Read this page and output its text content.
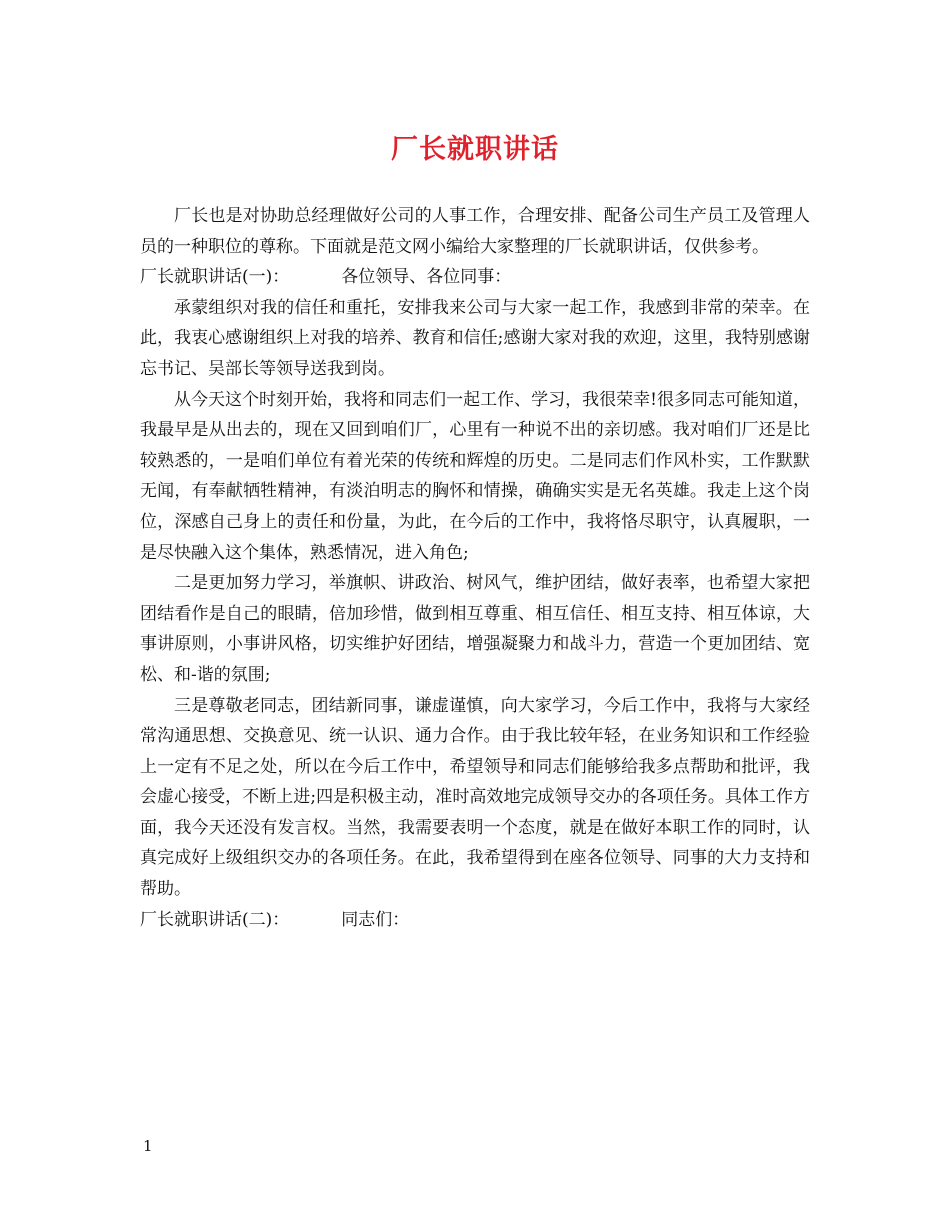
厂长就职讲话

厂长也是对协助总经理做好公司的人事工作，合理安排、配备公司生产员工及管理人员的一种职位的尊称。下面就是范文网小编给大家整理的厂长就职讲话，仅供参考。

厂长就职讲话(一)：	各位领导、各位同事：

承蒙组织对我的信任和重托，安排我来公司与大家一起工作，我感到非常的荣幸。在此，我衷心感谢组织上对我的培养、教育和信任;感谢大家对我的欢迎，这里，我特别感谢忘书记、吴部长等领导送我到岗。

从今天这个时刻开始，我将和同志们一起工作、学习，我很荣幸!很多同志可能知道，我最早是从出去的，现在又回到咱们厂，心里有一种说不出的亲切感。我对咱们厂还是比较熟悉的，一是咱们单位有着光荣的传统和辉煌的历史。二是同志们作风朴实，工作默默无闻，有奉献牺牲精神，有淡泊明志的胸怀和情操，确确实实是无名英雄。我走上这个岗位，深感自己身上的责任和份量，为此，在今后的工作中，我将恪尽职守，认真履职，一是尽快融入这个集体，熟悉情况，进入角色;

二是更加努力学习，举旗帜、讲政治、树风气，维护团结，做好表率，也希望大家把团结看作是自己的眼睛，倍加珍惜，做到相互尊重、相互信任、相互支持、相互体谅，大事讲原则，小事讲风格，切实维护好团结，增强凝聚力和战斗力，营造一个更加团结、宽松、和-谐的氛围;

三是尊敬老同志，团结新同事，谦虚谨慎，向大家学习，今后工作中，我将与大家经常沟通思想、交换意见、统一认识、通力合作。由于我比较年轻，在业务知识和工作经验上一定有不足之处，所以在今后工作中，希望领导和同志们能够给我多点帮助和批评，我会虚心接受，不断上进;四是积极主动，准时高效地完成领导交办的各项任务。具体工作方面，我今天还没有发言权。当然，我需要表明一个态度，就是在做好本职工作的同时，认真完成好上级组织交办的各项任务。在此，我希望得到在座各位领导、同事的大力支持和帮助。

厂长就职讲话(二)：	同志们：

1
